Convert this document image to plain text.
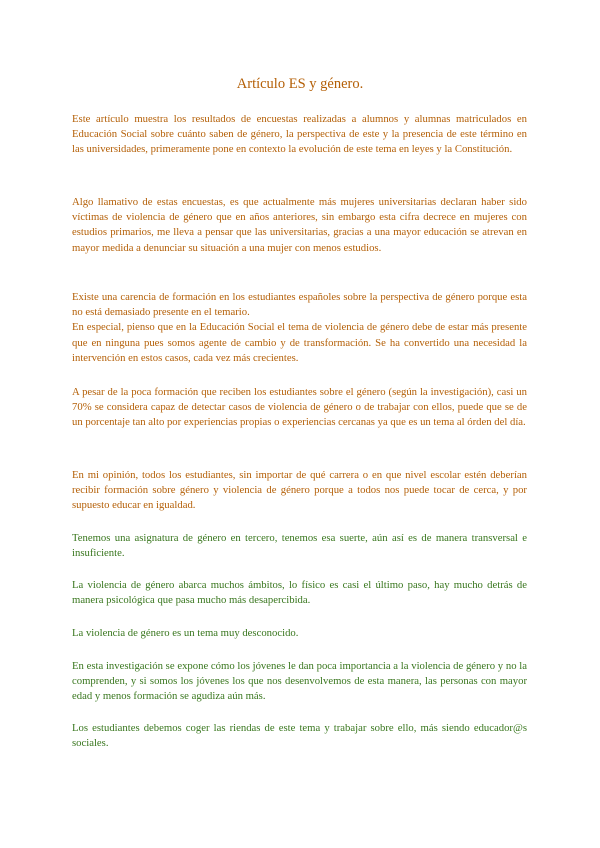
Artículo ES y género.

Este artículo muestra los resultados de encuestas realizadas a alumnos y alumnas matriculados en Educación Social sobre cuánto saben de género, la perspectiva de este y la presencia de este término en las universidades, primeramente pone en contexto la evolución de este tema en leyes y la Constitución.

Algo llamativo de estas encuestas, es que actualmente más mujeres universitarias declaran haber sido víctimas de violencia de género que en años anteriores, sin embargo esta cifra decrece en mujeres con estudios primarios, me lleva a pensar que las universitarias, gracias a una mayor educación se atrevan en mayor medida a denunciar su situación a una mujer con menos estudios.

Existe una carencia de formación en los estudiantes españoles sobre la perspectiva de género porque esta no está demasiado presente en el temario.
En especial, pienso que en la Educación Social el tema de violencia de género debe de estar más presente que en ninguna pues somos agente de cambio y de transformación. Se ha convertido una necesidad la intervención en estos casos, cada vez más crecientes.

A pesar de la poca formación que reciben los estudiantes sobre el género (según la investigación), casi un 70% se considera capaz de detectar casos de violencia de género o de trabajar con ellos, puede que se de un porcentaje tan alto por experiencias propias o experiencias cercanas ya que es un tema al órden del día.

En mi opinión, todos los estudiantes, sin importar de qué carrera o en que nivel escolar estén deberían recibir formación sobre género y violencia de género porque a todos nos puede tocar de cerca, y por supuesto educar en igualdad.

Tenemos una asignatura de género en tercero, tenemos esa suerte, aún así es de manera transversal e insuficiente.

La violencia de género abarca muchos ámbitos, lo físico es casi el último paso, hay mucho detrás de manera psicológica que pasa mucho más desapercibida.

La violencia de género es un tema muy desconocido.

En esta investigación se expone cómo los jóvenes le dan poca importancia a la violencia de género y no la comprenden, y si somos los jóvenes los que nos desenvolvemos de esta manera, las personas con mayor edad y menos formación se agudiza aún más.

Los estudiantes debemos coger las riendas de este tema y trabajar sobre ello, más siendo educador@s sociales.
